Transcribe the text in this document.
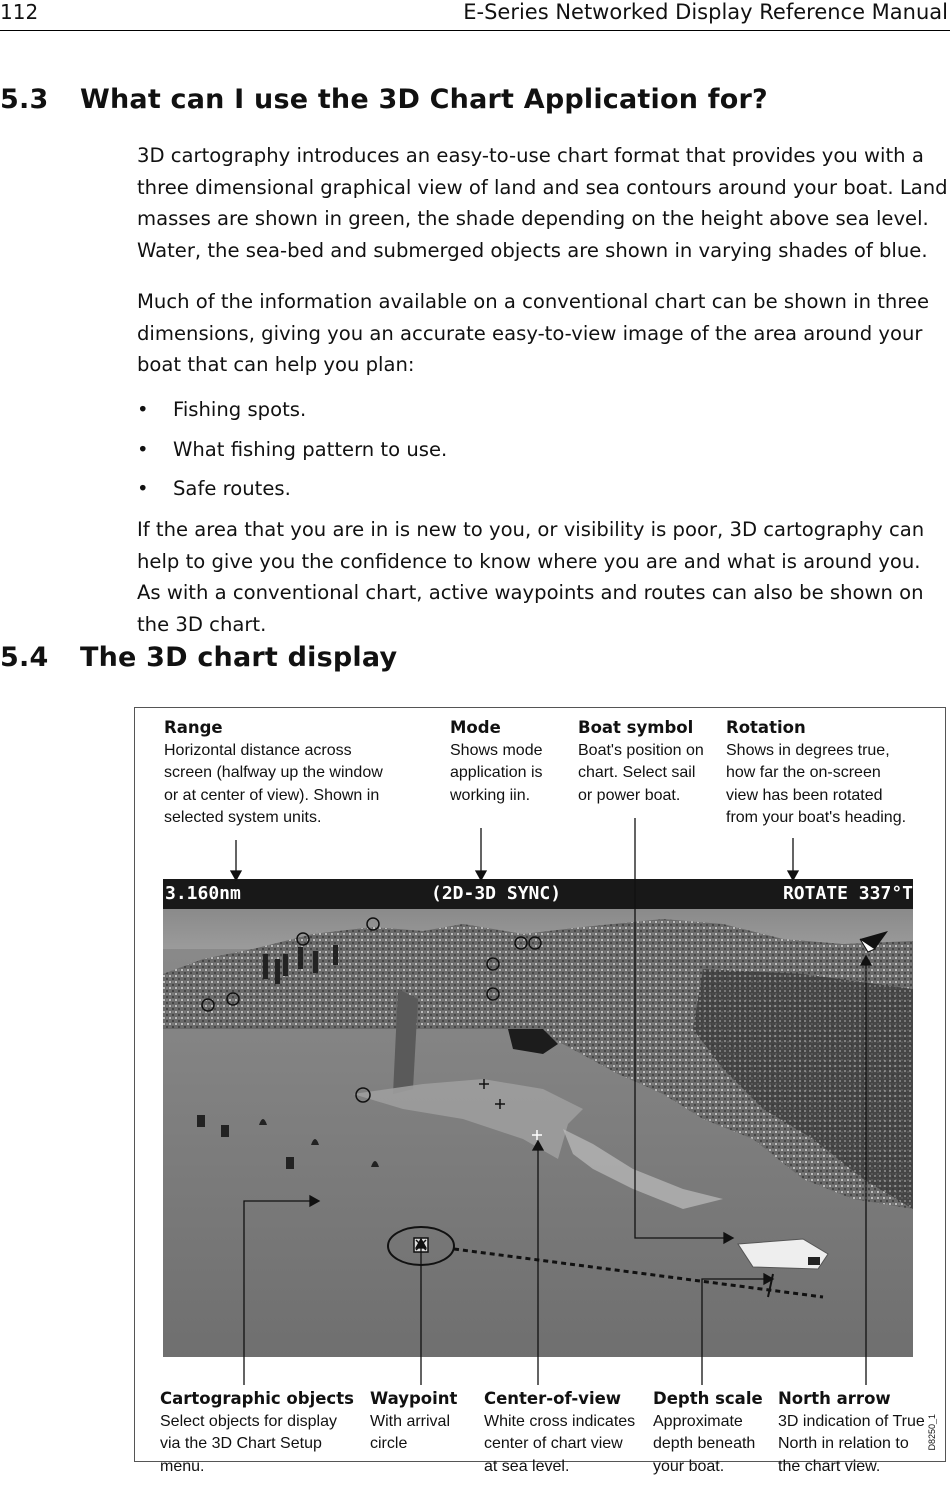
112	E-Series Networked Display Reference Manual
5.3 What can I use the 3D Chart Application for?

3D cartography introduces an easy-to-use chart format that provides you with a three dimensional graphical view of land and sea contours around your boat. Land masses are shown in green, the shade depending on the height above sea level. Water, the sea-bed and submerged objects are shown in varying shades of blue.

Much of the information available on a conventional chart can be shown in three dimensions, giving you an accurate easy-to-view image of the area around your boat that can help you plan:

• Fishing spots.
• What fishing pattern to use.
• Safe routes.

If the area that you are in is new to you, or visibility is poor, 3D cartography can help to give you the confidence to know where you are and what is around you. As with a conventional chart, active waypoints and routes can also be shown on the 3D chart.

5.4 The 3D chart display
D8250_1
Range
Horizontal distance across
screen (halfway up the window
or at center of view). Shown in
selected system units.
Mode
Shows mode
application is
working iin.
Boat symbol
Boat's position on
chart. Select sail
or power boat.
Rotation
Shows in degrees true,
how far the on-screen
view has been rotated
from your boat's heading.
3.160nm	(2D-3D SYNC)	ROTATE 337°T
Cartographic objects
Select objects for display
via the 3D Chart Setup
menu.
Waypoint
With arrival
circle
Center-of-view
White cross indicates
center of chart view
at sea level.
Depth scale
Approximate
depth beneath
your boat.
North arrow
3D indication of True
North in relation to
the chart view.
